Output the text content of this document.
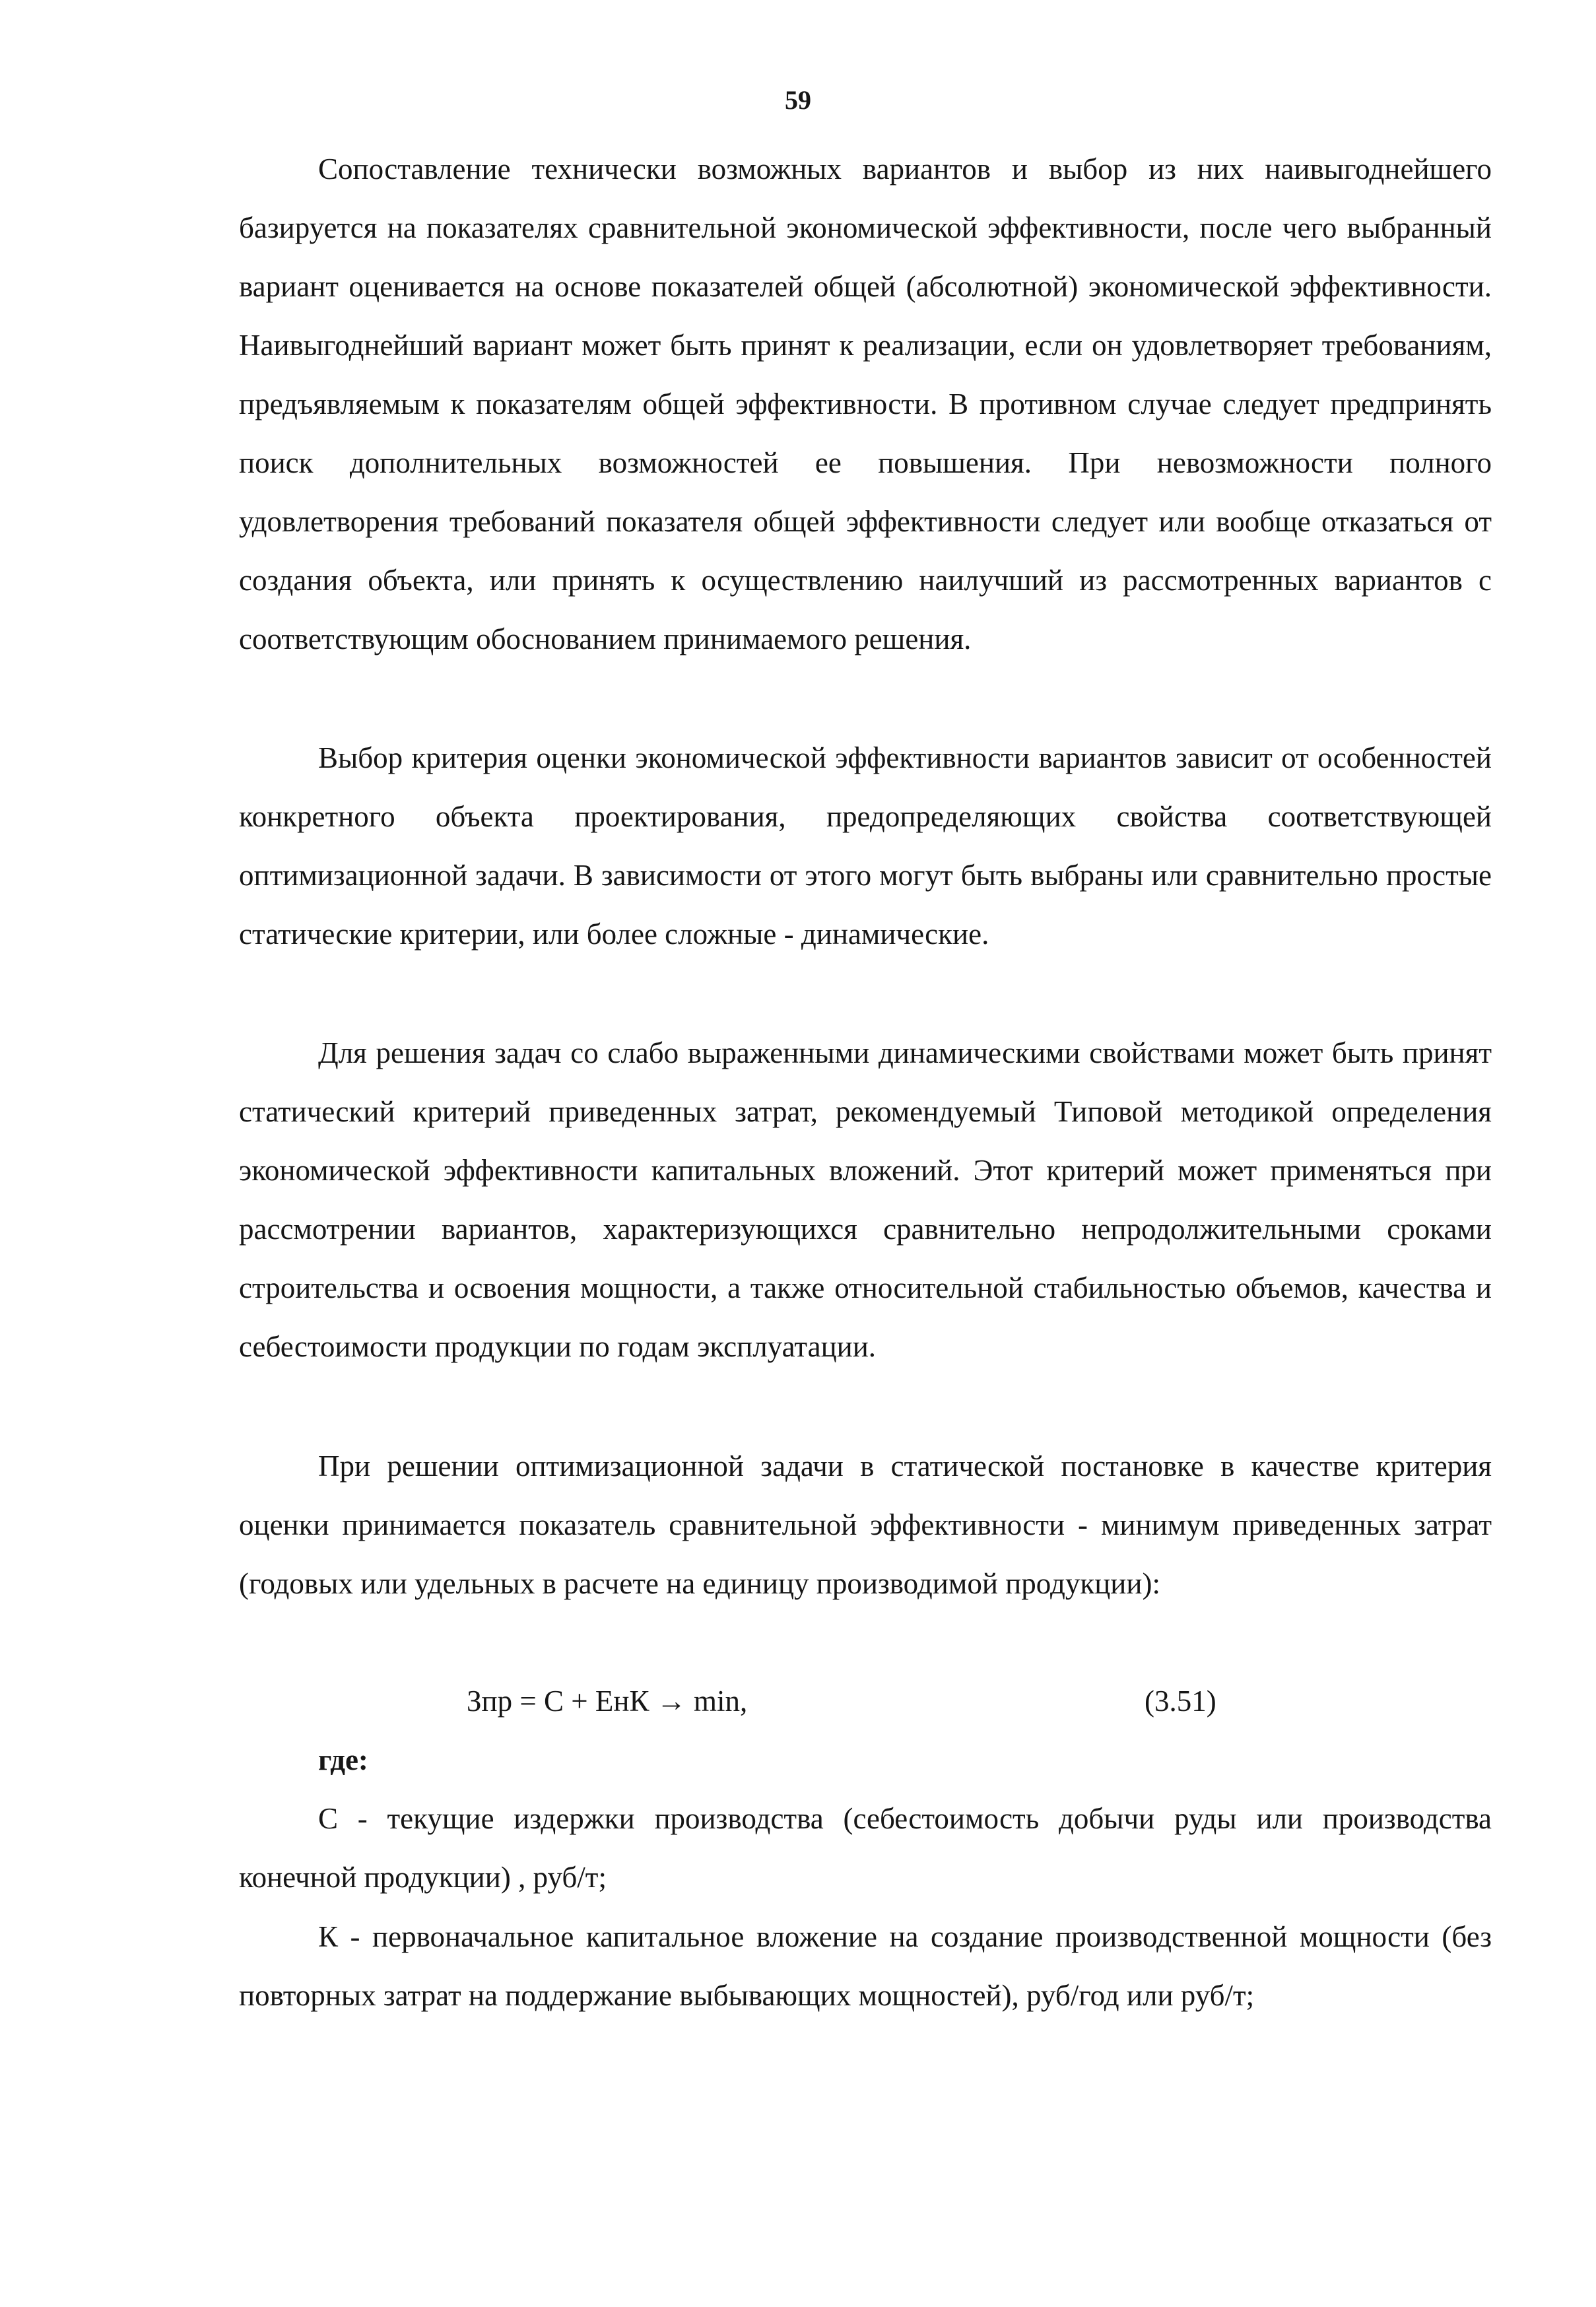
59

Сопоставление технически возможных вариантов и выбор из них наивыгоднейшего базируется на показателях сравнительной экономической эффективности, после чего выбранный вариант оценивается на основе показателей общей (абсолютной) экономической эффективности. Наивыгоднейший вариант может быть принят к реализации, если он удовлетворяет требованиям, предъявляемым к показателям общей эффективности. В противном случае следует предпринять поиск дополнительных возможностей ее повышения. При невозможности полного удовлетворения требований показателя общей эффективности следует или вообще отказаться от создания объекта, или принять к осуществлению наилучший из рассмотренных вариантов с соответствующим обоснованием принимаемого решения.

Выбор критерия оценки экономической эффективности вариантов зависит от особенностей конкретного объекта проектирования, предопределяющих свойства соответствующей оптимизационной задачи. В зависимости от этого могут быть выбраны или сравнительно простые статические критерии, или более сложные - динамические.

Для решения задач со слабо выраженными динамическими свойствами может быть принят статический критерий приведенных затрат, рекомендуемый Типовой методикой определения экономической эффективности капитальных вложений. Этот критерий может применяться при рассмотрении вариантов, характеризующихся сравнительно непродолжительными сроками строительства и освоения мощности, а также относительной стабильностью объемов, качества и себестоимости продукции по годам эксплуатации.

При решении оптимизационной задачи в статической постановке в качестве критерия оценки принимается показатель сравнительной эффективности - минимум приведенных затрат (годовых или удельных в расчете на единицу производимой продукции):

Зпр = С + ЕнК → min,	(3.51)
где:

С - текущие издержки производства (себестоимость добычи руды или производства конечной продукции) , руб/т;

К - первоначальное капитальное вложение на создание производственной мощности (без повторных затрат на поддержание выбывающих мощностей), руб/год или руб/т;
